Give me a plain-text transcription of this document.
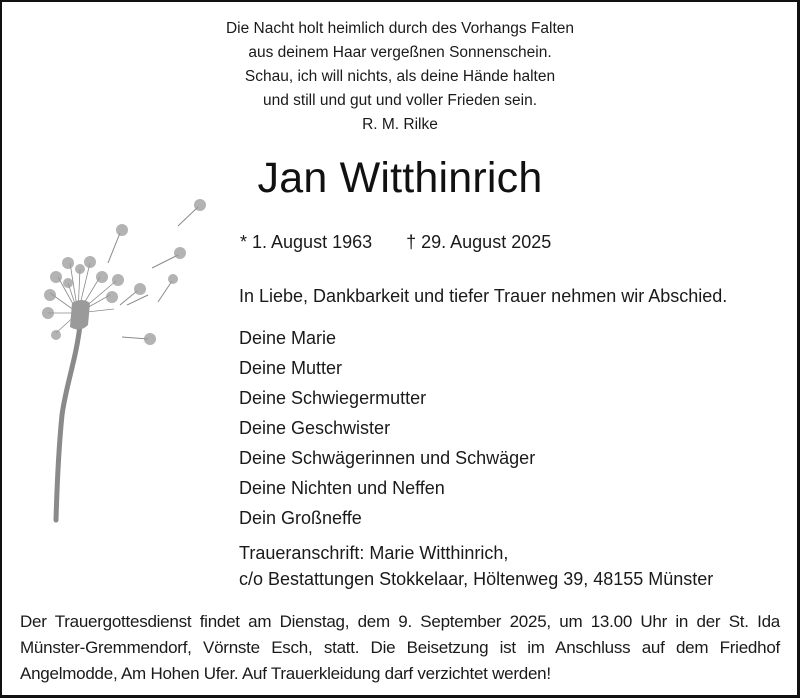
Die Nacht holt heimlich durch des Vorhangs Falten
aus deinem Haar vergeßnen Sonnenschein.
Schau, ich will nichts, als deine Hände halten
und still und gut und voller Frieden sein.
R. M. Rilke
Jan Witthinrich
* 1. August 1963 † 29. August 2025
In Liebe, Dankbarkeit und tiefer Trauer nehmen wir Abschied.
Deine Marie
Deine Mutter
Deine Schwiegermutter
Deine Geschwister
Deine Schwägerinnen und Schwäger
Deine Nichten und Neffen
Dein Großneffe
Traueranschrift: Marie Witthinrich,
c/o Bestattungen Stokkelaar, Höltenweg 39, 48155 Münster
Der Trauergottesdienst findet am Dienstag, dem 9. September 2025, um 13.00 Uhr in der St. Ida Münster-Gremmendorf, Vörnste Esch, statt. Die Beisetzung ist im Anschluss auf dem Friedhof Angelmodde, Am Hohen Ufer. Auf Trauerkleidung darf verzichtet werden!
